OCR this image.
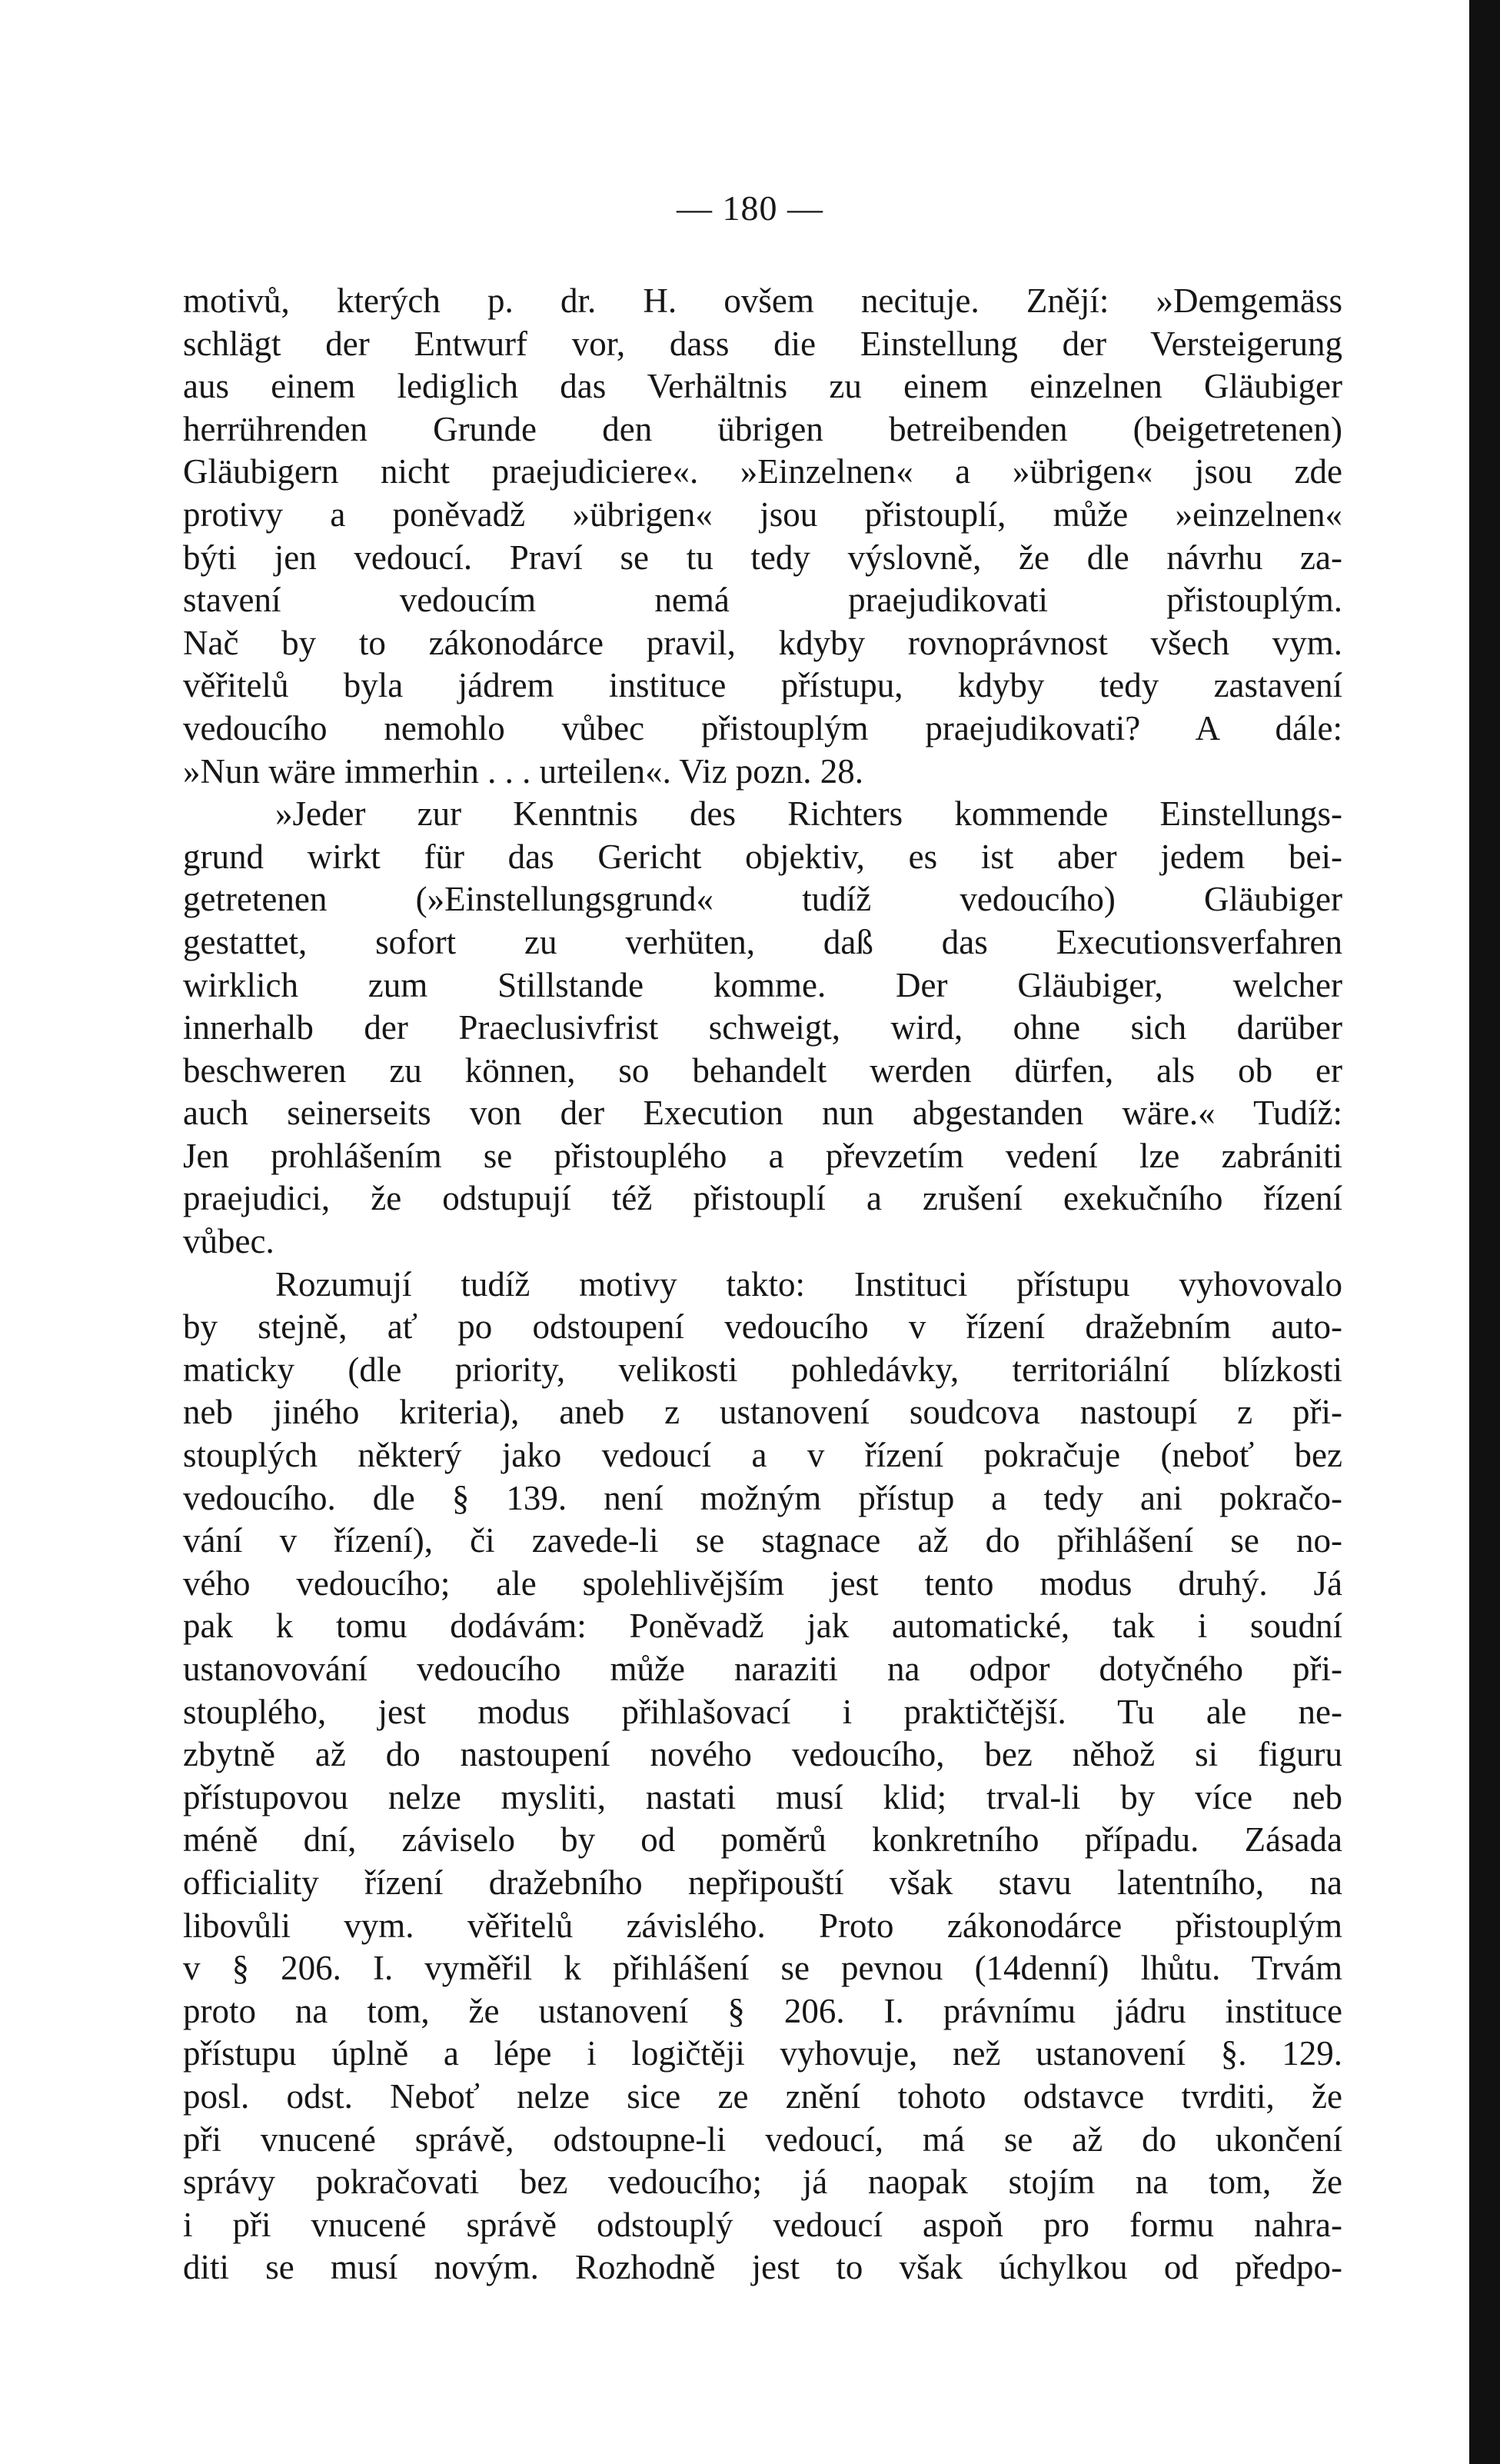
— 180 —
motivů, kterých p. dr. H. ovšem necituje. Znějí: »Demgemäss
schlägt der Entwurf vor, dass die Einstellung der Versteigerung
aus einem lediglich das Verhältnis zu einem einzelnen Gläubiger
herrührenden Grunde den übrigen betreibenden (beigetretenen)
Gläubigern nicht praejudiciere«. »Einzelnen« a »übrigen« jsou zde
protivy a poněvadž »übrigen« jsou přistouplí, může »einzelnen«
býti jen vedoucí. Praví se tu tedy výslovně, že dle návrhu za-
stavení vedoucím nemá praejudikovati přistouplým.
Nač by to zákonodárce pravil, kdyby rovnoprávnost všech vym.
věřitelů byla jádrem instituce přístupu, kdyby tedy zastavení
vedoucího nemohlo vůbec přistouplým praejudikovati? A dále:
»Nun wäre immerhin . . . urteilen«. Viz pozn. 28.
»Jeder zur Kenntnis des Richters kommende Einstellungs-
grund wirkt für das Gericht objektiv, es ist aber jedem bei-
getretenen (»Einstellungsgrund« tudíž vedoucího) Gläubiger
gestattet, sofort zu verhüten, daß das Executionsverfahren
wirklich zum Stillstande komme. Der Gläubiger, welcher
innerhalb der Praeclusivfrist schweigt, wird, ohne sich darüber
beschweren zu können, so behandelt werden dürfen, als ob er
auch seinerseits von der Execution nun abgestanden wäre.« Tudíž:
Jen prohlášením se přistouplého a převzetím vedení lze zabrániti
praejudici, že odstupují též přistouplí a zrušení exekučního řízení
vůbec.
Rozumují tudíž motivy takto: Instituci přístupu vyhovovalo
by stejně, ať po odstoupení vedoucího v řízení dražebním auto-
maticky (dle priority, velikosti pohledávky, territoriální blízkosti
neb jiného kriteria), aneb z ustanovení soudcova nastoupí z při-
stouplých některý jako vedoucí a v řízení pokračuje (neboť bez
vedoucího. dle § 139. není možným přístup a tedy ani pokračo-
vání v řízení), či zavede-li se stagnace až do přihlášení se no-
vého vedoucího; ale spolehlivějším jest tento modus druhý. Já
pak k tomu dodávám: Poněvadž jak automatické, tak i soudní
ustanovování vedoucího může naraziti na odpor dotyčného při-
stouplého, jest modus přihlašovací i praktičtější. Tu ale ne-
zbytně až do nastoupení nového vedoucího, bez něhož si figuru
přístupovou nelze mysliti, nastati musí klid; trval-li by více neb
méně dní, záviselo by od poměrů konkretního případu. Zásada
officiality řízení dražebního nepřipouští však stavu latentního, na
libovůli vym. věřitelů závislého. Proto zákonodárce přistouplým
v § 206. I. vyměřil k přihlášení se pevnou (14denní) lhůtu. Trvám
proto na tom, že ustanovení § 206. I. právnímu jádru instituce
přístupu úplně a lépe i logičtěji vyhovuje, než ustanovení §. 129.
posl. odst. Neboť nelze sice ze znění tohoto odstavce tvrditi, že
při vnucené správě, odstoupne-li vedoucí, má se až do ukončení
správy pokračovati bez vedoucího; já naopak stojím na tom, že
i při vnucené správě odstouplý vedoucí aspoň pro formu nahra-
diti se musí novým. Rozhodně jest to však úchylkou od předpo-
